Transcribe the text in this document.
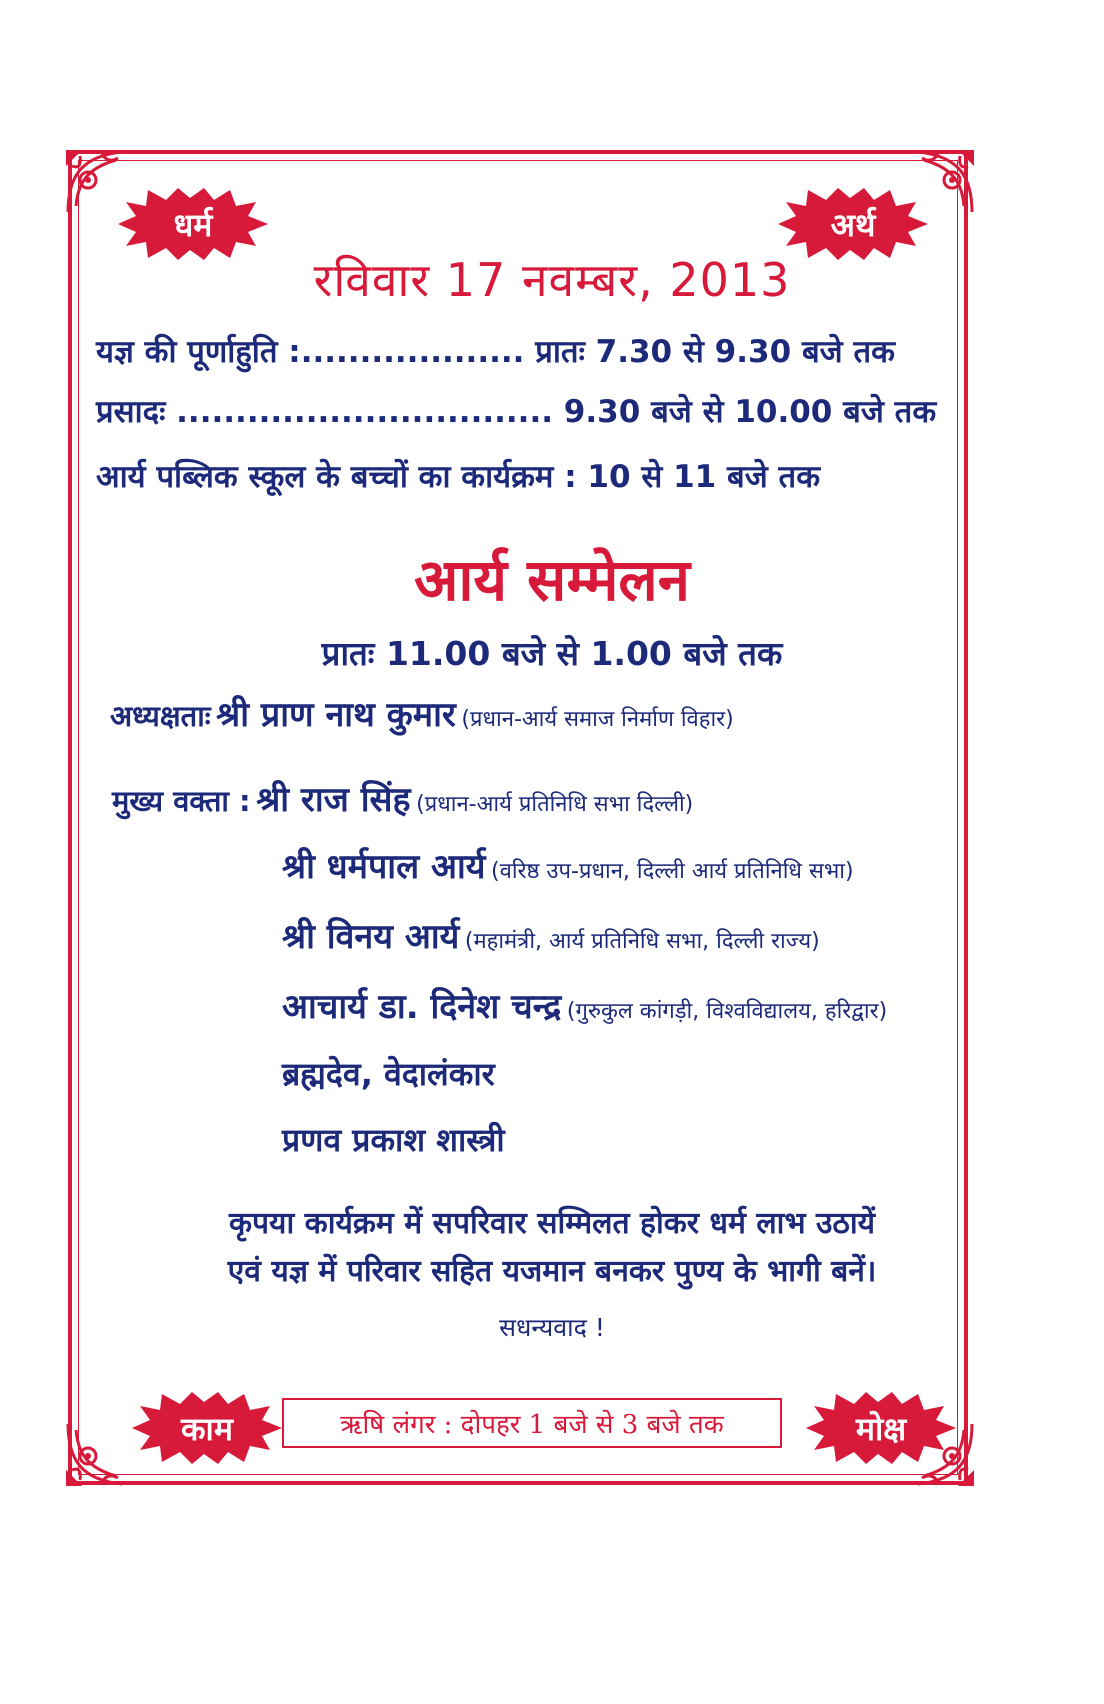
धर्म	अर्थ
काम	मोक्ष
रविवार 17 नवम्बर, 2013
यज्ञ की पूर्णाहुति :................... प्रातः 7.30 से 9.30 बजे तक
प्रसादः ................................ 9.30 बजे से 10.00 बजे तक
आर्य पब्लिक स्कूल के बच्चों का कार्यक्रम : 10 से 11 बजे तक
आर्य सम्मेलन
प्रातः 11.00 बजे से 1.00 बजे तक
अध्यक्षताः श्री प्राण नाथ कुमार (प्रधान-आर्य समाज निर्माण विहार)
मुख्य वक्ता : श्री राज सिंह (प्रधान-आर्य प्रतिनिधि सभा दिल्ली)
श्री धर्मपाल आर्य (वरिष्ठ उप-प्रधान, दिल्ली आर्य प्रतिनिधि सभा)
श्री विनय आर्य (महामंत्री, आर्य प्रतिनिधि सभा, दिल्ली राज्य)
आचार्य डा. दिनेश चन्द्र (गुरुकुल कांगड़ी, विश्वविद्यालय, हरिद्वार)
ब्रह्मदेव, वेदालंकार
प्रणव प्रकाश शास्त्री
कृपया कार्यक्रम में सपरिवार सम्मिलत होकर धर्म लाभ उठायें
एवं यज्ञ में परिवार सहित यजमान बनकर पुण्य के भागी बनें।
सधन्यवाद !
ऋषि लंगर : दोपहर 1 बजे से 3 बजे तक
